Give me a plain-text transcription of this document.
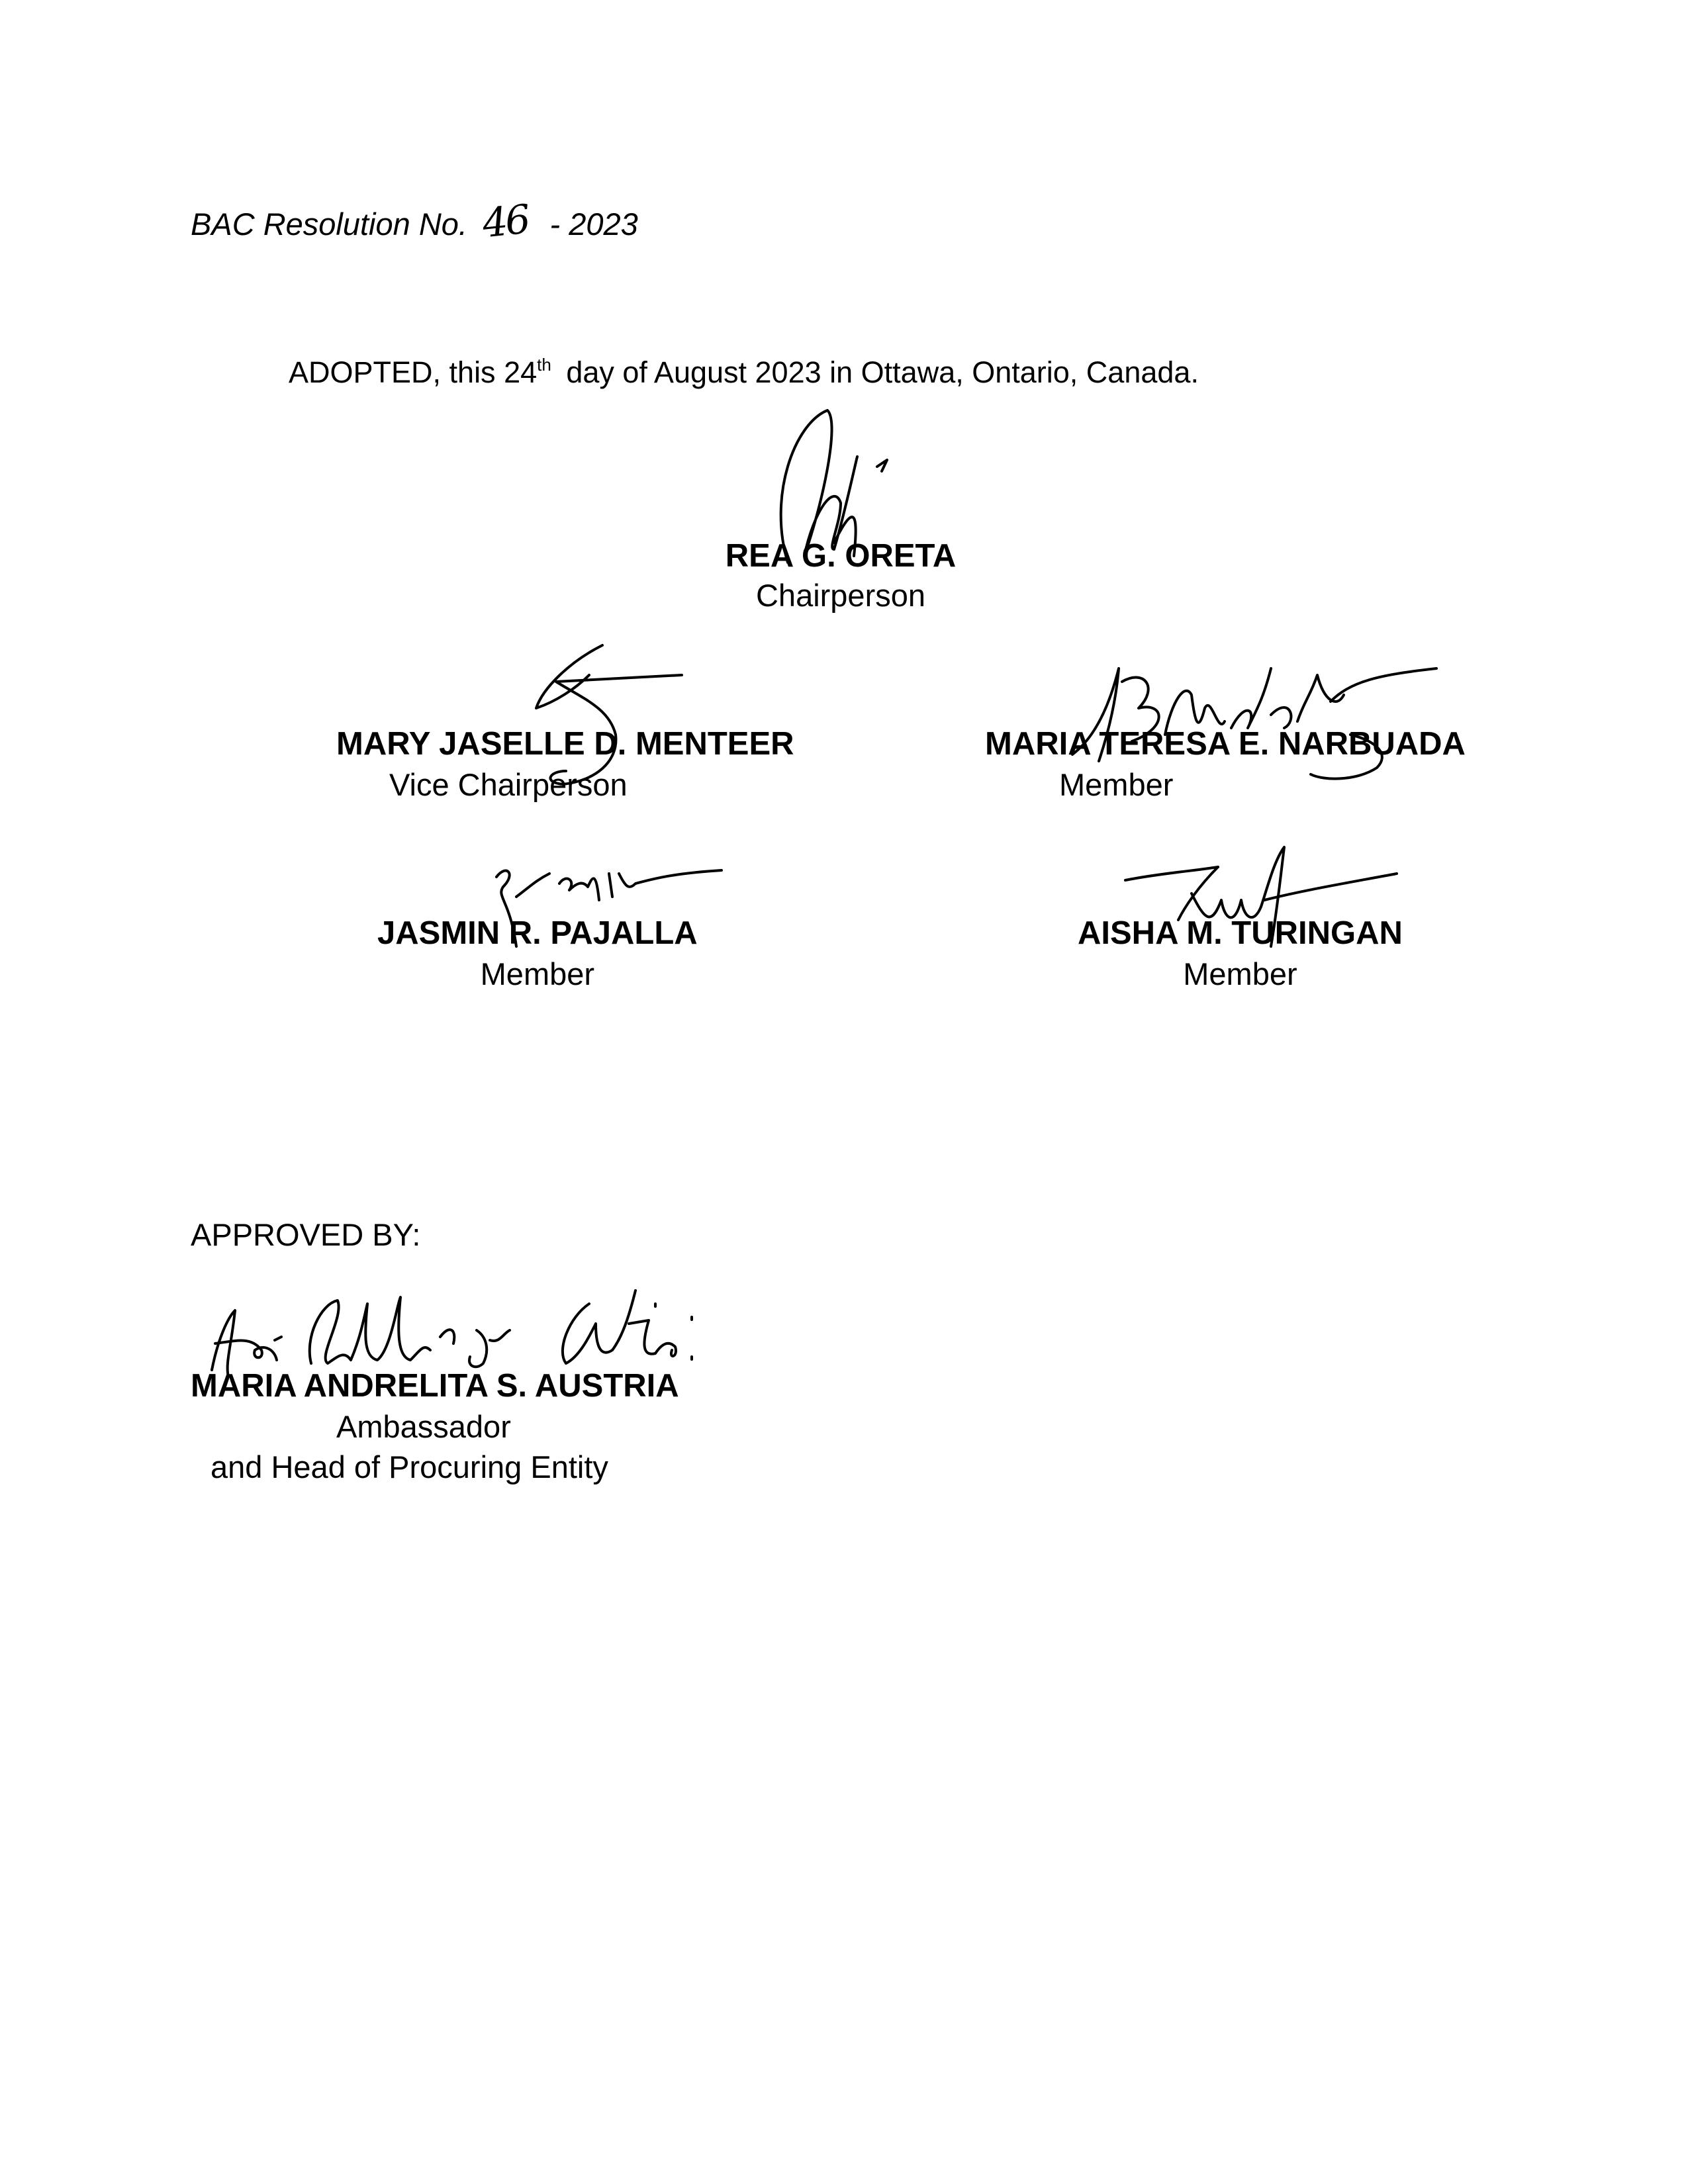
BAC Resolution No. 46 - 2023
ADOPTED, this 24th day of August 2023 in Ottawa, Ontario, Canada.
REA G. ORETA
Chairperson
MARY JASELLE D. MENTEER
Vice Chairperson
MARIA TERESA E. NARBUADA
Member
JASMIN R. PAJALLA
Member
AISHA M. TURINGAN
Member
APPROVED BY:
MARIA ANDRELITA S. AUSTRIA
Ambassador
and Head of Procuring Entity
